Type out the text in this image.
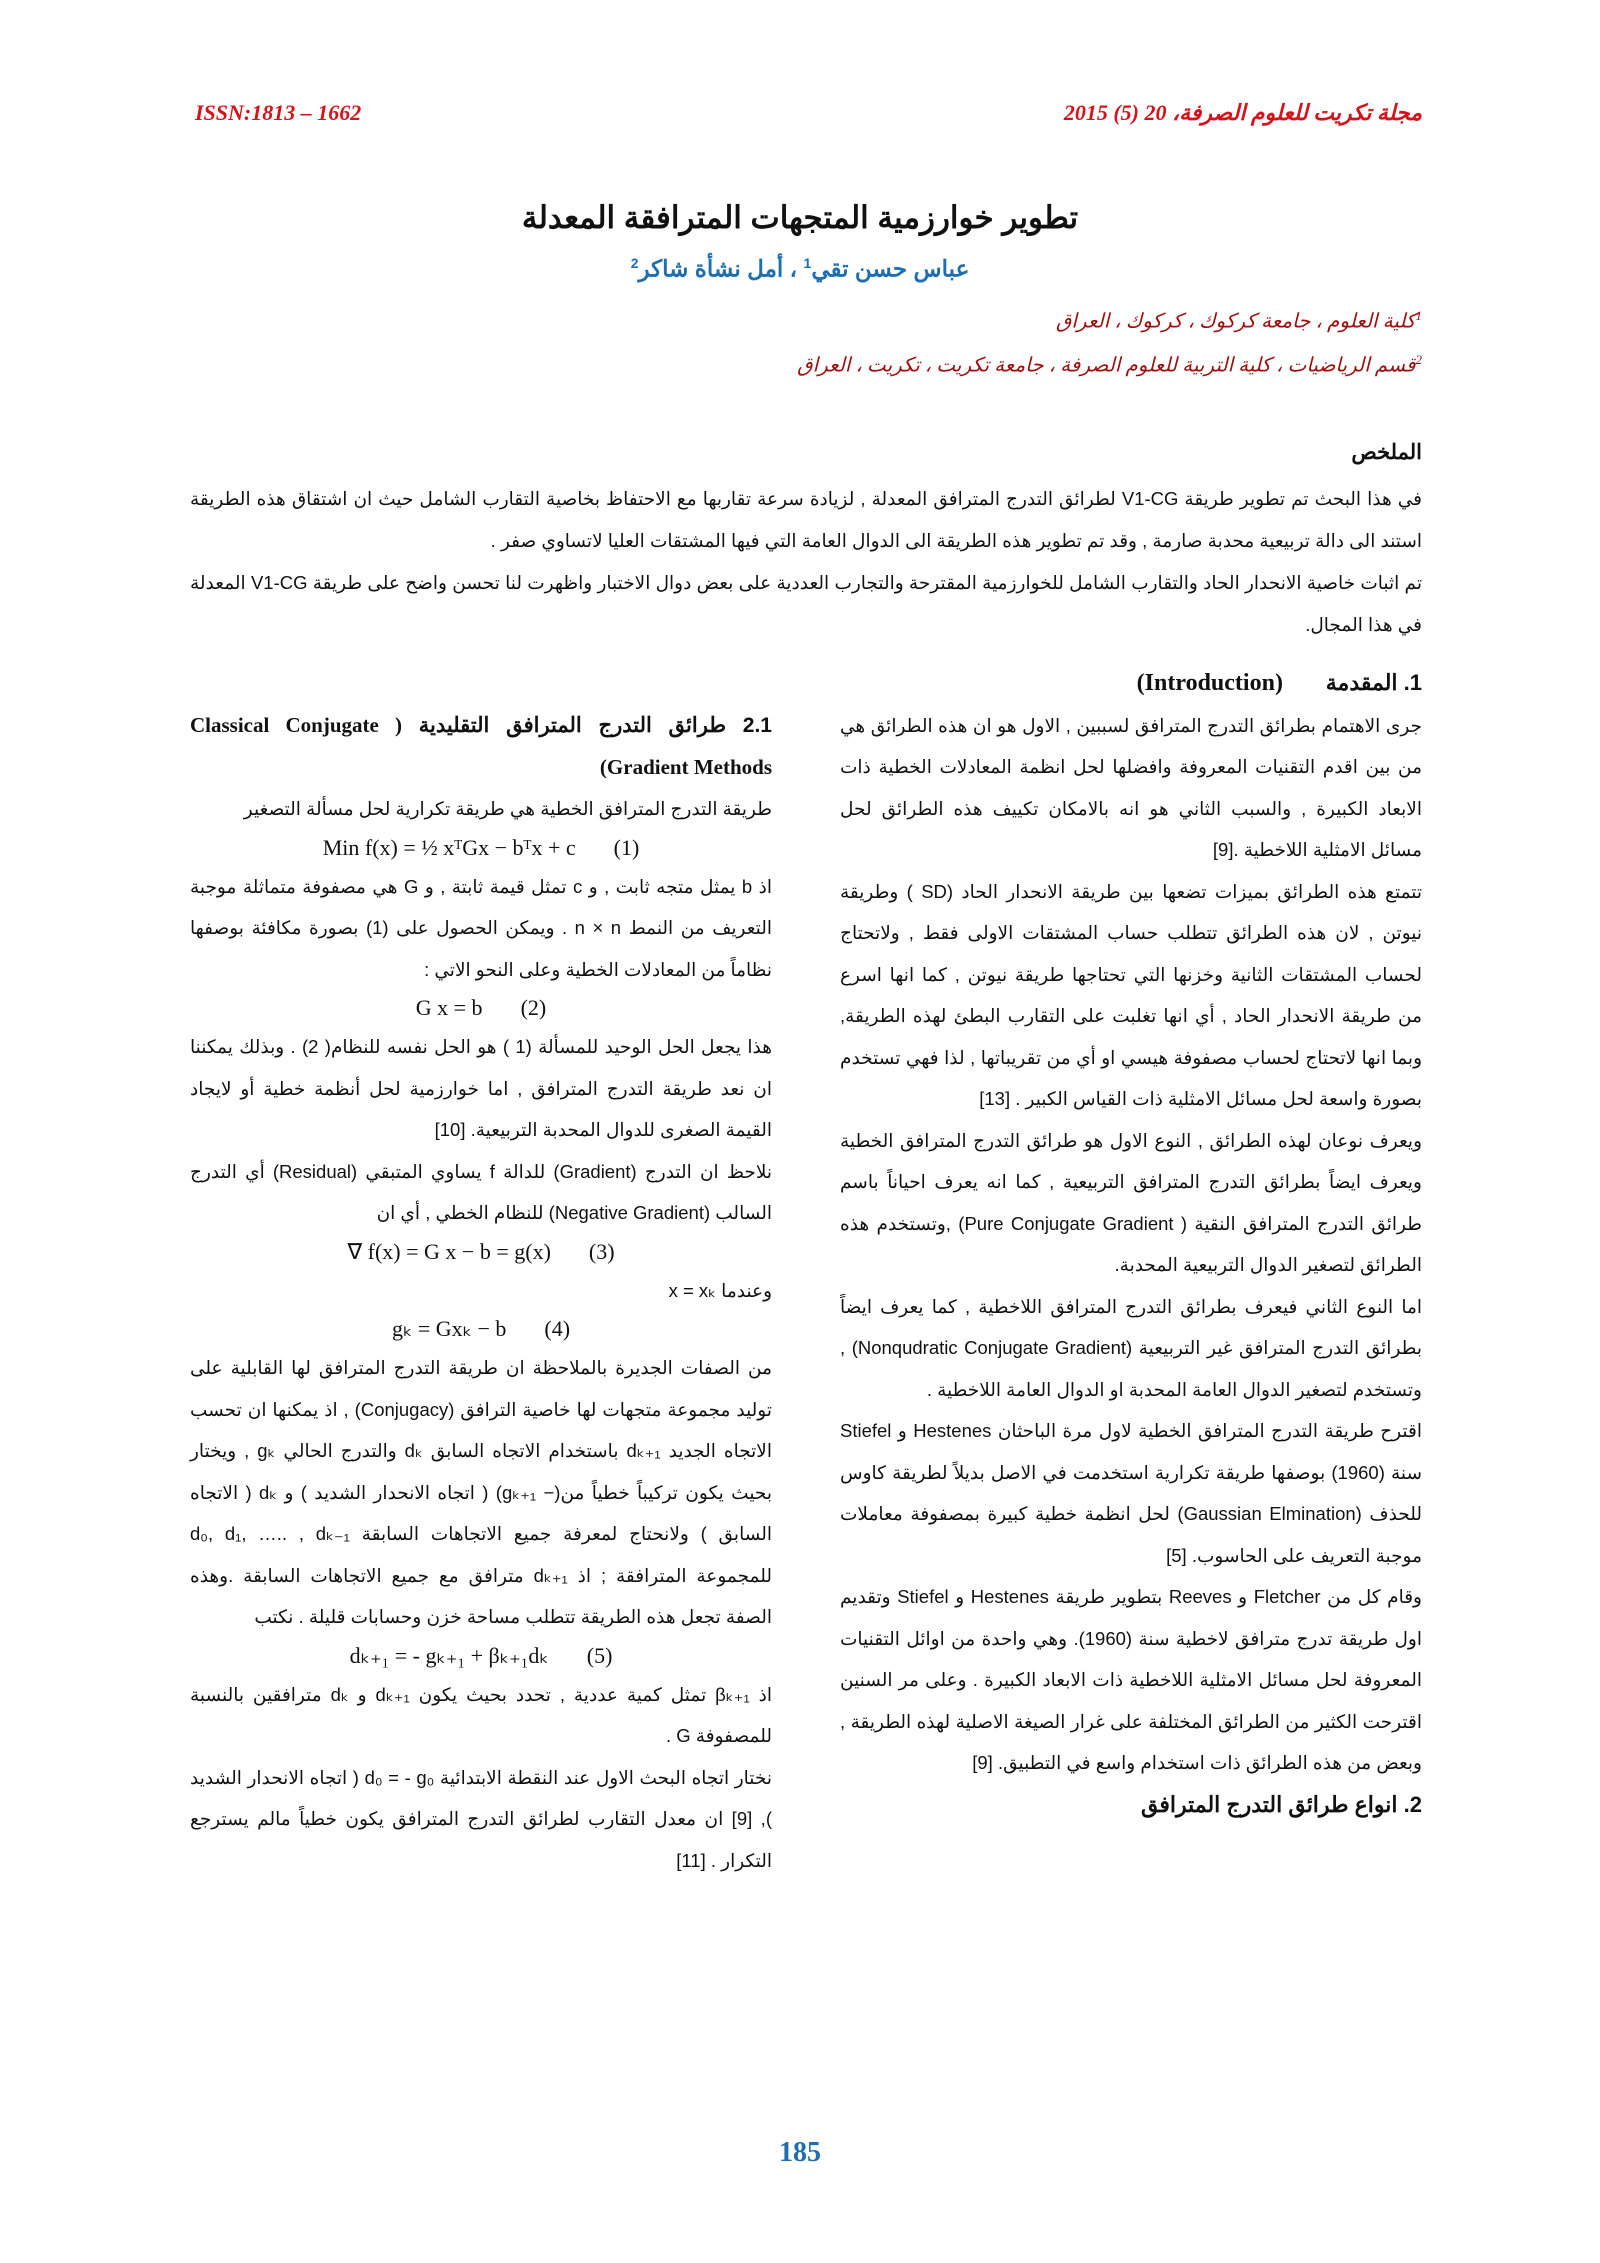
ISSN:1813 – 1662	مجلة تكريت للعلوم الصرفة، 20 (5) 2015
تطوير خوارزمية المتجهات المترافقة المعدلة
عباس حسن تقي$^1$ ، أمل نشأة شاكر$^2$
$^1$كلية العلوم ، جامعة كركوك ، كركوك ، العراق
$^2$قسم الرياضيات ، كلية التربية للعلوم الصرفة ، جامعة تكريت ، تكريت ، العراق
الملخص

في هذا البحث تم تطوير طريقة V1-CG لطرائق التدرج المترافق المعدلة , لزيادة سرعة تقاربها مع الاحتفاظ بخاصية التقارب الشامل حيث ان اشتقاق هذه الطريقة استند الى دالة تربيعية محدبة صارمة , وقد تم تطوير هذه الطريقة الى الدوال العامة التي فيها المشتقات العليا لاتساوي صفر .

تم اثبات خاصية الانحدار الحاد والتقارب الشامل للخوارزمية المقترحة والتجارب العددية على بعض دوال الاختبار واظهرت لنا تحسن واضح على طريقة V1-CG المعدلة في هذا المجال.

1. المقدمة       (Introduction)

جرى الاهتمام بطرائق التدرج المترافق لسببين , الاول هو ان هذه الطرائق هي من بين اقدم التقنيات المعروفة وافضلها لحل انظمة المعادلات الخطية ذات الابعاد الكبيرة , والسبب الثاني هو انه بالامكان تكييف هذه الطرائق لحل مسائل الامثلية اللاخطية .[9]

تتمتع هذه الطرائق بميزات تضعها بين طريقة الانحدار الحاد (SD ) وطريقة نيوتن , لان هذه الطرائق تتطلب حساب المشتقات الاولى فقط , ولاتحتاج لحساب المشتقات الثانية وخزنها التي تحتاجها طريقة نيوتن , كما انها اسرع من طريقة الانحدار الحاد , أي انها تغلبت على التقارب البطئ لهذه الطريقة, وبما انها لاتحتاج لحساب مصفوفة هيسي او أي من تقريباتها , لذا فهي تستخدم بصورة واسعة لحل مسائل الامثلية ذات القياس الكبير . [13]

ويعرف نوعان لهذه الطرائق , النوع الاول هو طرائق التدرج المترافق الخطية ويعرف ايضاً بطرائق التدرج المترافق التربيعية , كما انه يعرف احياناً باسم طرائق التدرج المترافق النقية ( Pure Conjugate Gradient) ,وتستخدم هذه الطرائق لتصغير الدوال التربيعية المحدبة.

اما النوع الثاني فيعرف بطرائق التدرج المترافق اللاخطية , كما يعرف ايضاً بطرائق التدرج المترافق غير التربيعية (Nonqudratic Conjugate Gradient) , وتستخدم لتصغير الدوال العامة المحدبة او الدوال العامة اللاخطية .

اقترح طريقة التدرج المترافق الخطية لاول مرة الباحثان Hestenes و Stiefel سنة (1960) بوصفها طريقة تكرارية استخدمت في الاصل بديلاً لطريقة كاوس للحذف (Gaussian Elmination) لحل انظمة خطية كبيرة بمصفوفة معاملات موجبة التعريف على الحاسوب. [5]

وقام كل من Fletcher و Reeves بتطوير طريقة Hestenes و Stiefel وتقديم اول طريقة تدرج مترافق لاخطية سنة (1960). وهي واحدة من اوائل التقنيات المعروفة لحل مسائل الامثلية اللاخطية ذات الابعاد الكبيرة . وعلى مر السنين اقترحت الكثير من الطرائق المختلفة على غرار الصيغة الاصلية لهذه الطريقة , وبعض من هذه الطرائق ذات استخدام واسع في التطبيق. [9]

2. انواع طرائق التدرج المترافق
2.1 طرائق التدرج المترافق التقليدية ( Classical Conjugate Gradient Methods)

طريقة التدرج المترافق الخطية هي طريقة تكرارية لحل مسألة التصغير

Min f(x) = ½ xᵀGx − bᵀx + c (1)

اذ b يمثل متجه ثابت , و c تمثل قيمة ثابتة , و G هي مصفوفة متماثلة موجبة التعريف من النمط n × n . ويمكن الحصول على (1) بصورة مكافئة بوصفها نظاماً من المعادلات الخطية وعلى النحو الاتي :

G x = b (2)

هذا يجعل الحل الوحيد للمسألة (1 ) هو الحل نفسه للنظام( 2) . وبذلك يمكننا ان نعد طريقة التدرج المترافق , اما خوارزمية لحل أنظمة خطية أو لايجاد القيمة الصغرى للدوال المحدبة التربيعية. [10]

نلاحظ ان التدرج (Gradient) للدالة f يساوي المتبقي (Residual) أي التدرج السالب (Negative Gradient) للنظام الخطي , أي ان

∇ f(x) = G x − b = g(x) (3)

وعندما x = xₖ

gₖ = Gxₖ − b (4)

من الصفات الجديرة بالملاحظة ان طريقة التدرج المترافق لها القابلية على توليد مجموعة متجهات لها خاصية الترافق (Conjugacy) , اذ يمكنها ان تحسب الاتجاه الجديد dₖ₊₁ باستخدام الاتجاه السابق dₖ والتدرج الحالي gₖ , ويختار بحيث يكون تركيباً خطياً من(− gₖ₊₁) ( اتجاه الانحدار الشديد ) و dₖ ( الاتجاه السابق ) ولانحتاج لمعرفة جميع الاتجاهات السابقة d₀, d₁, ….. , dₖ₋₁ للمجموعة المترافقة ; اذ dₖ₊₁ مترافق مع جميع الاتجاهات السابقة .وهذه الصفة تجعل هذه الطريقة تتطلب مساحة خزن وحسابات قليلة . نكتب

dₖ₊₁ = - gₖ₊₁ + βₖ₊₁dₖ (5)

اذ βₖ₊₁ تمثل كمية عددية , تحدد بحيث يكون dₖ₊₁ و dₖ مترافقين بالنسبة للمصفوفة G .

نختار اتجاه البحث الاول عند النقطة الابتدائية d₀ = - g₀ ( اتجاه الانحدار الشديد ), [9] ان معدل التقارب لطرائق التدرج المترافق يكون خطياً مالم يسترجع التكرار . [11]

185
